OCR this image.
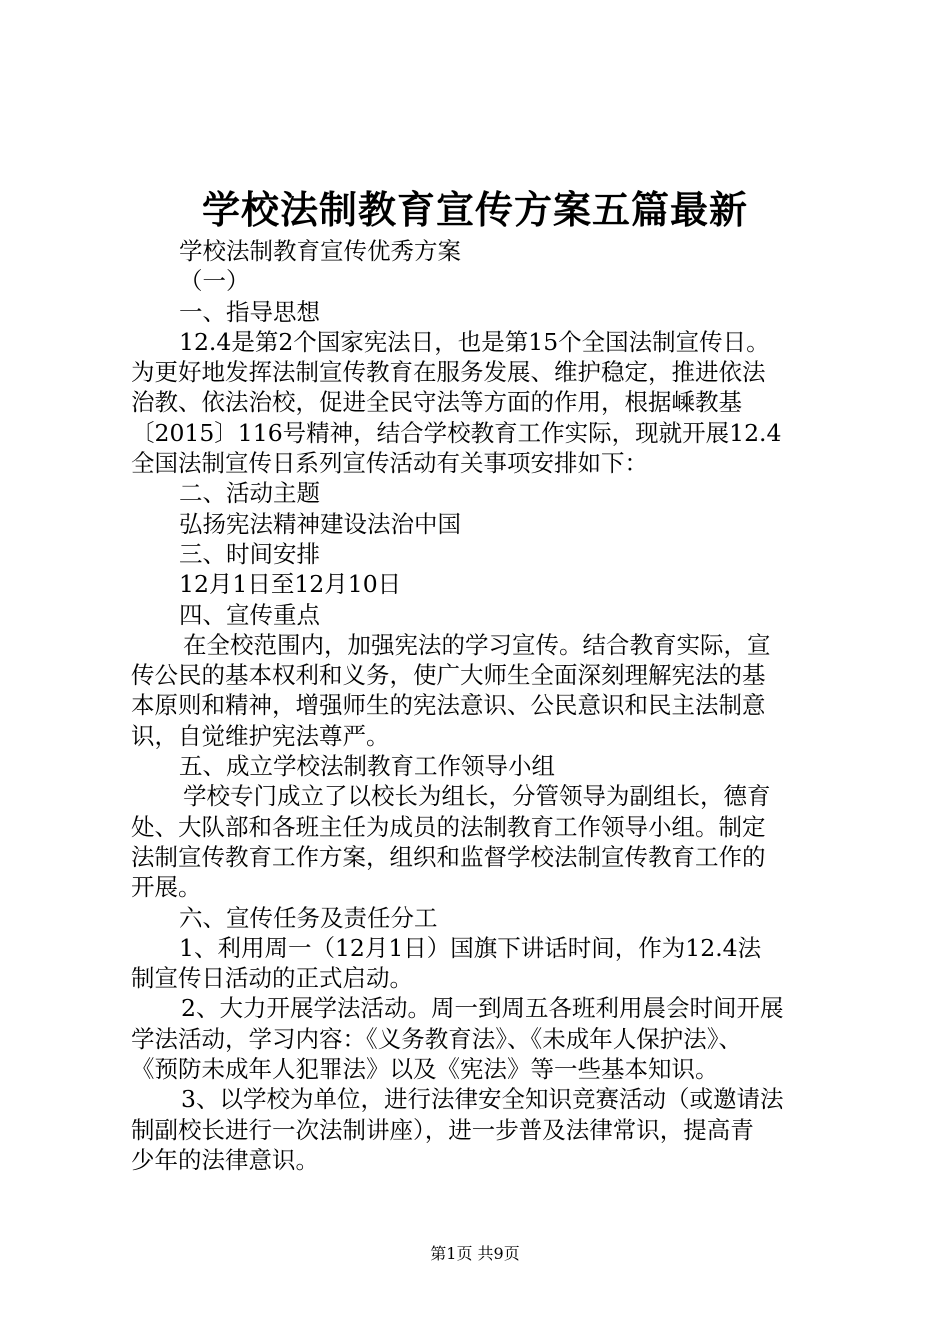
学校法制教育宣传方案五篇最新

学校法制教育宣传优秀方案

（一）

一、指导思想

12.4是第2个国家宪法日，也是第15个全国法制宣传日。

为更好地发挥法制宣传教育在服务发展、维护稳定，推进依法

治教、依法治校，促进全民守法等方面的作用，根据嵊教基

〔2015〕116号精神，结合学校教育工作实际，现就开展12.4

全国法制宣传日系列宣传活动有关事项安排如下：

二、活动主题

弘扬宪法精神建设法治中国

三、时间安排

12月1日至12月10日

四、宣传重点

在全校范围内，加强宪法的学习宣传。结合教育实际，宣

传公民的基本权利和义务，使广大师生全面深刻理解宪法的基

本原则和精神，增强师生的宪法意识、公民意识和民主法制意

识，自觉维护宪法尊严。

五、成立学校法制教育工作领导小组

学校专门成立了以校长为组长，分管领导为副组长，德育

处、大队部和各班主任为成员的法制教育工作领导小组。制定

法制宣传教育工作方案，组织和监督学校法制宣传教育工作的

开展。

六、宣传任务及责任分工

1、利用周一（12月1日）国旗下讲话时间，作为12.4法

制宣传日活动的正式启动。

2、大力开展学法活动。周一到周五各班利用晨会时间开展

学法活动，学习内容：《义务教育法》、《未成年人保护法》、

《预防未成年人犯罪法》以及《宪法》等一些基本知识。

3、以学校为单位，进行法律安全知识竞赛活动（或邀请法

制副校长进行一次法制讲座），进一步普及法律常识，提高青

少年的法律意识。

第1页 共9页
